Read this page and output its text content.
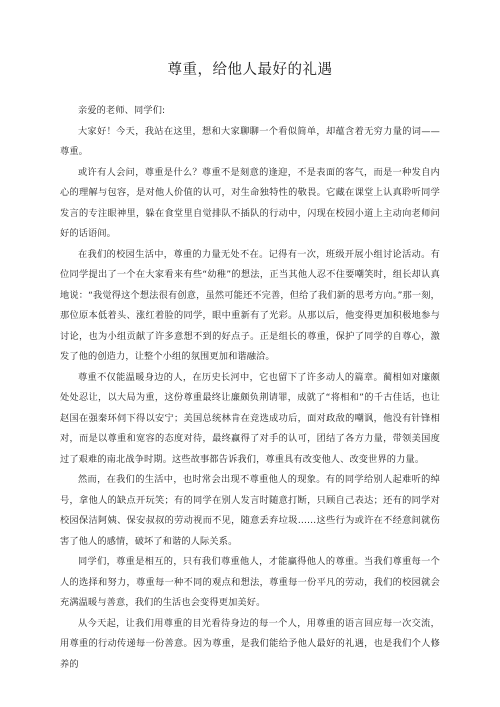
尊重，给他人最好的礼遇

亲爱的老师、同学们:

大家好！今天，我站在这里，想和大家聊聊一个看似简单，却蕴含着无穷力量的词——尊重。

或许有人会问，尊重是什么？尊重不是刻意的逢迎，不是表面的客气，而是一种发自内心的理解与包容，是对他人价值的认可，对生命独特性的敬畏。它藏在课堂上认真聆听同学发言的专注眼神里，躲在食堂里自觉排队不插队的行动中，闪现在校园小道上主动向老师问好的话语间。

在我们的校园生活中，尊重的力量无处不在。记得有一次，班级开展小组讨论活动。有位同学提出了一个在大家看来有些“幼稚”的想法，正当其他人忍不住要嘲笑时，组长却认真地说：“我觉得这个想法很有创意，虽然可能还不完善，但给了我们新的思考方向。”那一刻，那位原本低着头、涨红着脸的同学，眼中重新有了光彩。从那以后，他变得更加积极地参与讨论，也为小组贡献了许多意想不到的好点子。正是组长的尊重，保护了同学的自尊心，激发了他的创造力，让整个小组的氛围更加和谐融洽。

尊重不仅能温暖身边的人，在历史长河中，它也留下了许多动人的篇章。蔺相如对廉颇处处忍让，以大局为重，这份尊重最终让廉颇负荆请罪，成就了“将相和”的千古佳话，也让赵国在强秦环伺下得以安宁；美国总统林肯在竞选成功后，面对政敌的嘲讽，他没有针锋相对，而是以尊重和宽容的态度对待，最终赢得了对手的认可，团结了各方力量，带领美国度过了艰难的南北战争时期。这些故事都告诉我们，尊重具有改变他人、改变世界的力量。

然而，在我们的生活中，也时常会出现不尊重他人的现象。有的同学给别人起难听的绰号，拿他人的缺点开玩笑；有的同学在别人发言时随意打断，只顾自己表达；还有的同学对校园保洁阿姨、保安叔叔的劳动视而不见，随意丢弃垃圾……这些行为或许在不经意间就伤害了他人的感情，破坏了和谐的人际关系。

同学们，尊重是相互的，只有我们尊重他人，才能赢得他人的尊重。当我们尊重每一个人的选择和努力，尊重每一种不同的观点和想法，尊重每一份平凡的劳动，我们的校园就会充满温暖与善意，我们的生活也会变得更加美好。

从今天起，让我们用尊重的目光看待身边的每一个人，用尊重的语言回应每一次交流，用尊重的行动传递每一份善意。因为尊重，是我们能给予他人最好的礼遇，也是我们个人修养的
